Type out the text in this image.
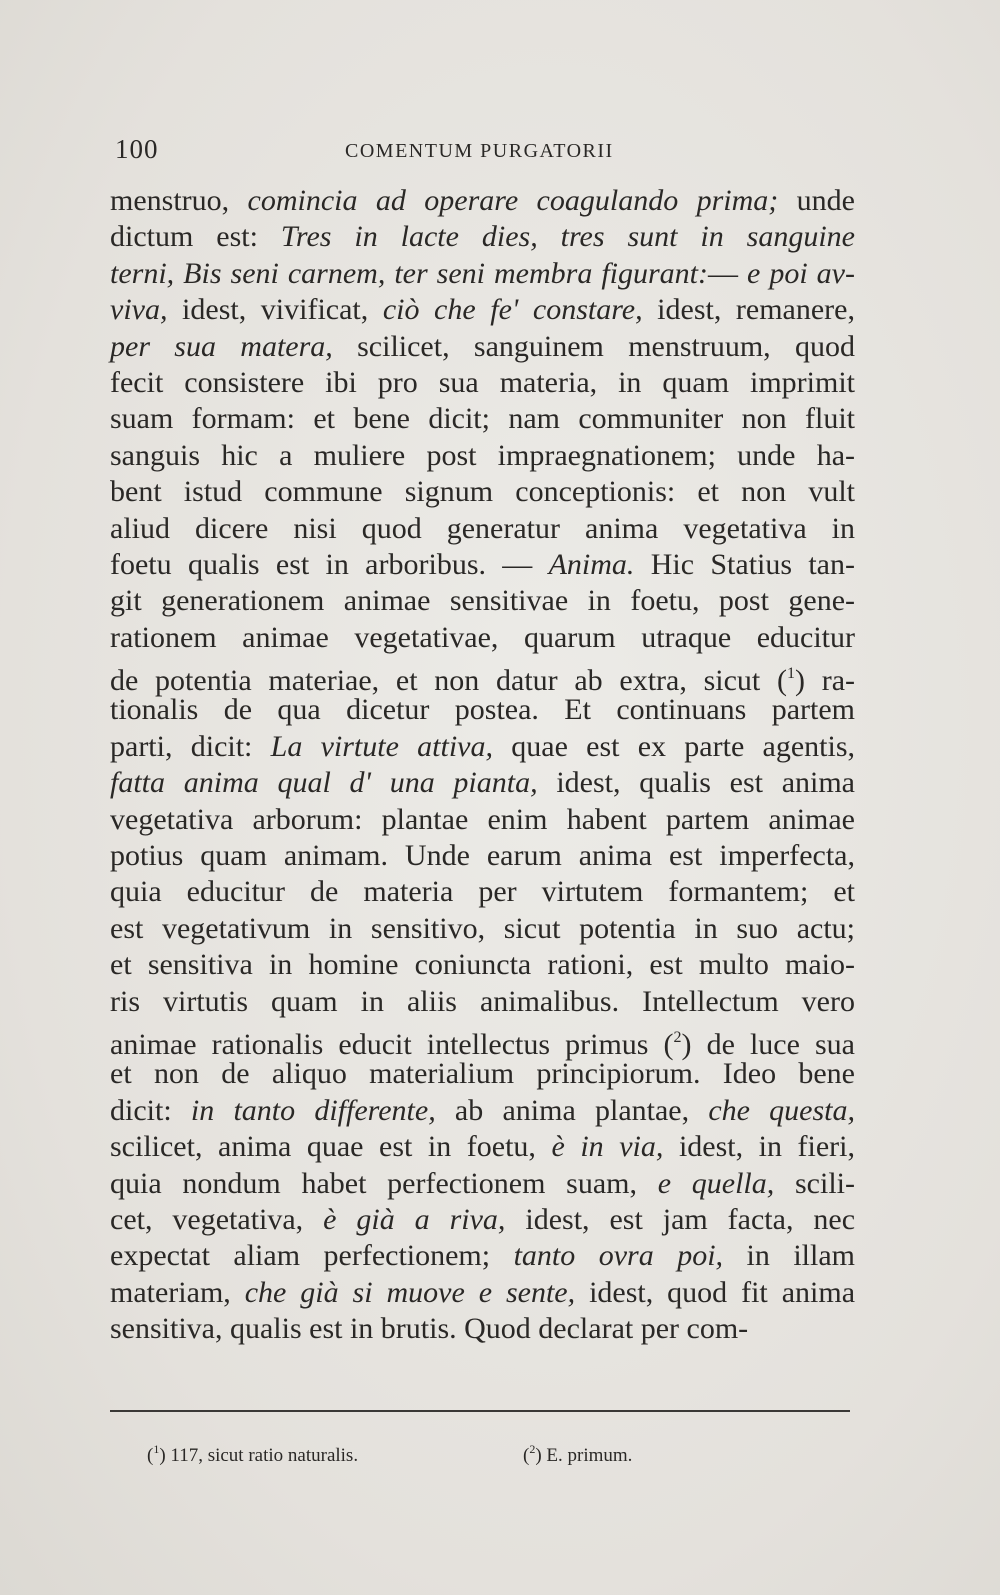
100	COMENTUM PURGATORII
menstruo, comincia ad operare coagulando prima; unde
dictum est: Tres in lacte dies, tres sunt in sanguine
terni, Bis seni carnem, ter seni membra figurant:— e poi av-
viva, idest, vivificat, ciò che fe' constare, idest, remanere,
per sua matera, scilicet, sanguinem menstruum, quod
fecit consistere ibi pro sua materia, in quam imprimit
suam formam: et bene dicit; nam communiter non fluit
sanguis hic a muliere post impraegnationem; unde ha-
bent istud commune signum conceptionis: et non vult
aliud dicere nisi quod generatur anima vegetativa in
foetu qualis est in arboribus. — Anima. Hic Statius tan-
git generationem animae sensitivae in foetu, post gene-
rationem animae vegetativae, quarum utraque educitur
de potentia materiae, et non datur ab extra, sicut ($^1$) ra-
tionalis de qua dicetur postea. Et continuans partem
parti, dicit: La virtute attiva, quae est ex parte agentis,
fatta anima qual d' una pianta, idest, qualis est anima
vegetativa arborum: plantae enim habent partem animae
potius quam animam. Unde earum anima est imperfecta,
quia educitur de materia per virtutem formantem; et
est vegetativum in sensitivo, sicut potentia in suo actu;
et sensitiva in homine coniuncta rationi, est multo maio-
ris virtutis quam in aliis animalibus. Intellectum vero
animae rationalis educit intellectus primus ($^2$) de luce sua
et non de aliquo materialium principiorum. Ideo bene
dicit: in tanto differente, ab anima plantae, che questa,
scilicet, anima quae est in foetu, è in via, idest, in fieri,
quia nondum habet perfectionem suam, e quella, scili-
cet, vegetativa, è già a riva, idest, est jam facta, nec
expectat aliam perfectionem; tanto ovra poi, in illam
materiam, che già si muove e sente, idest, quod fit anima
sensitiva, qualis est in brutis. Quod declarat per com-
($^1$) 117, sicut ratio naturalis.	($^2$) E. primum.
